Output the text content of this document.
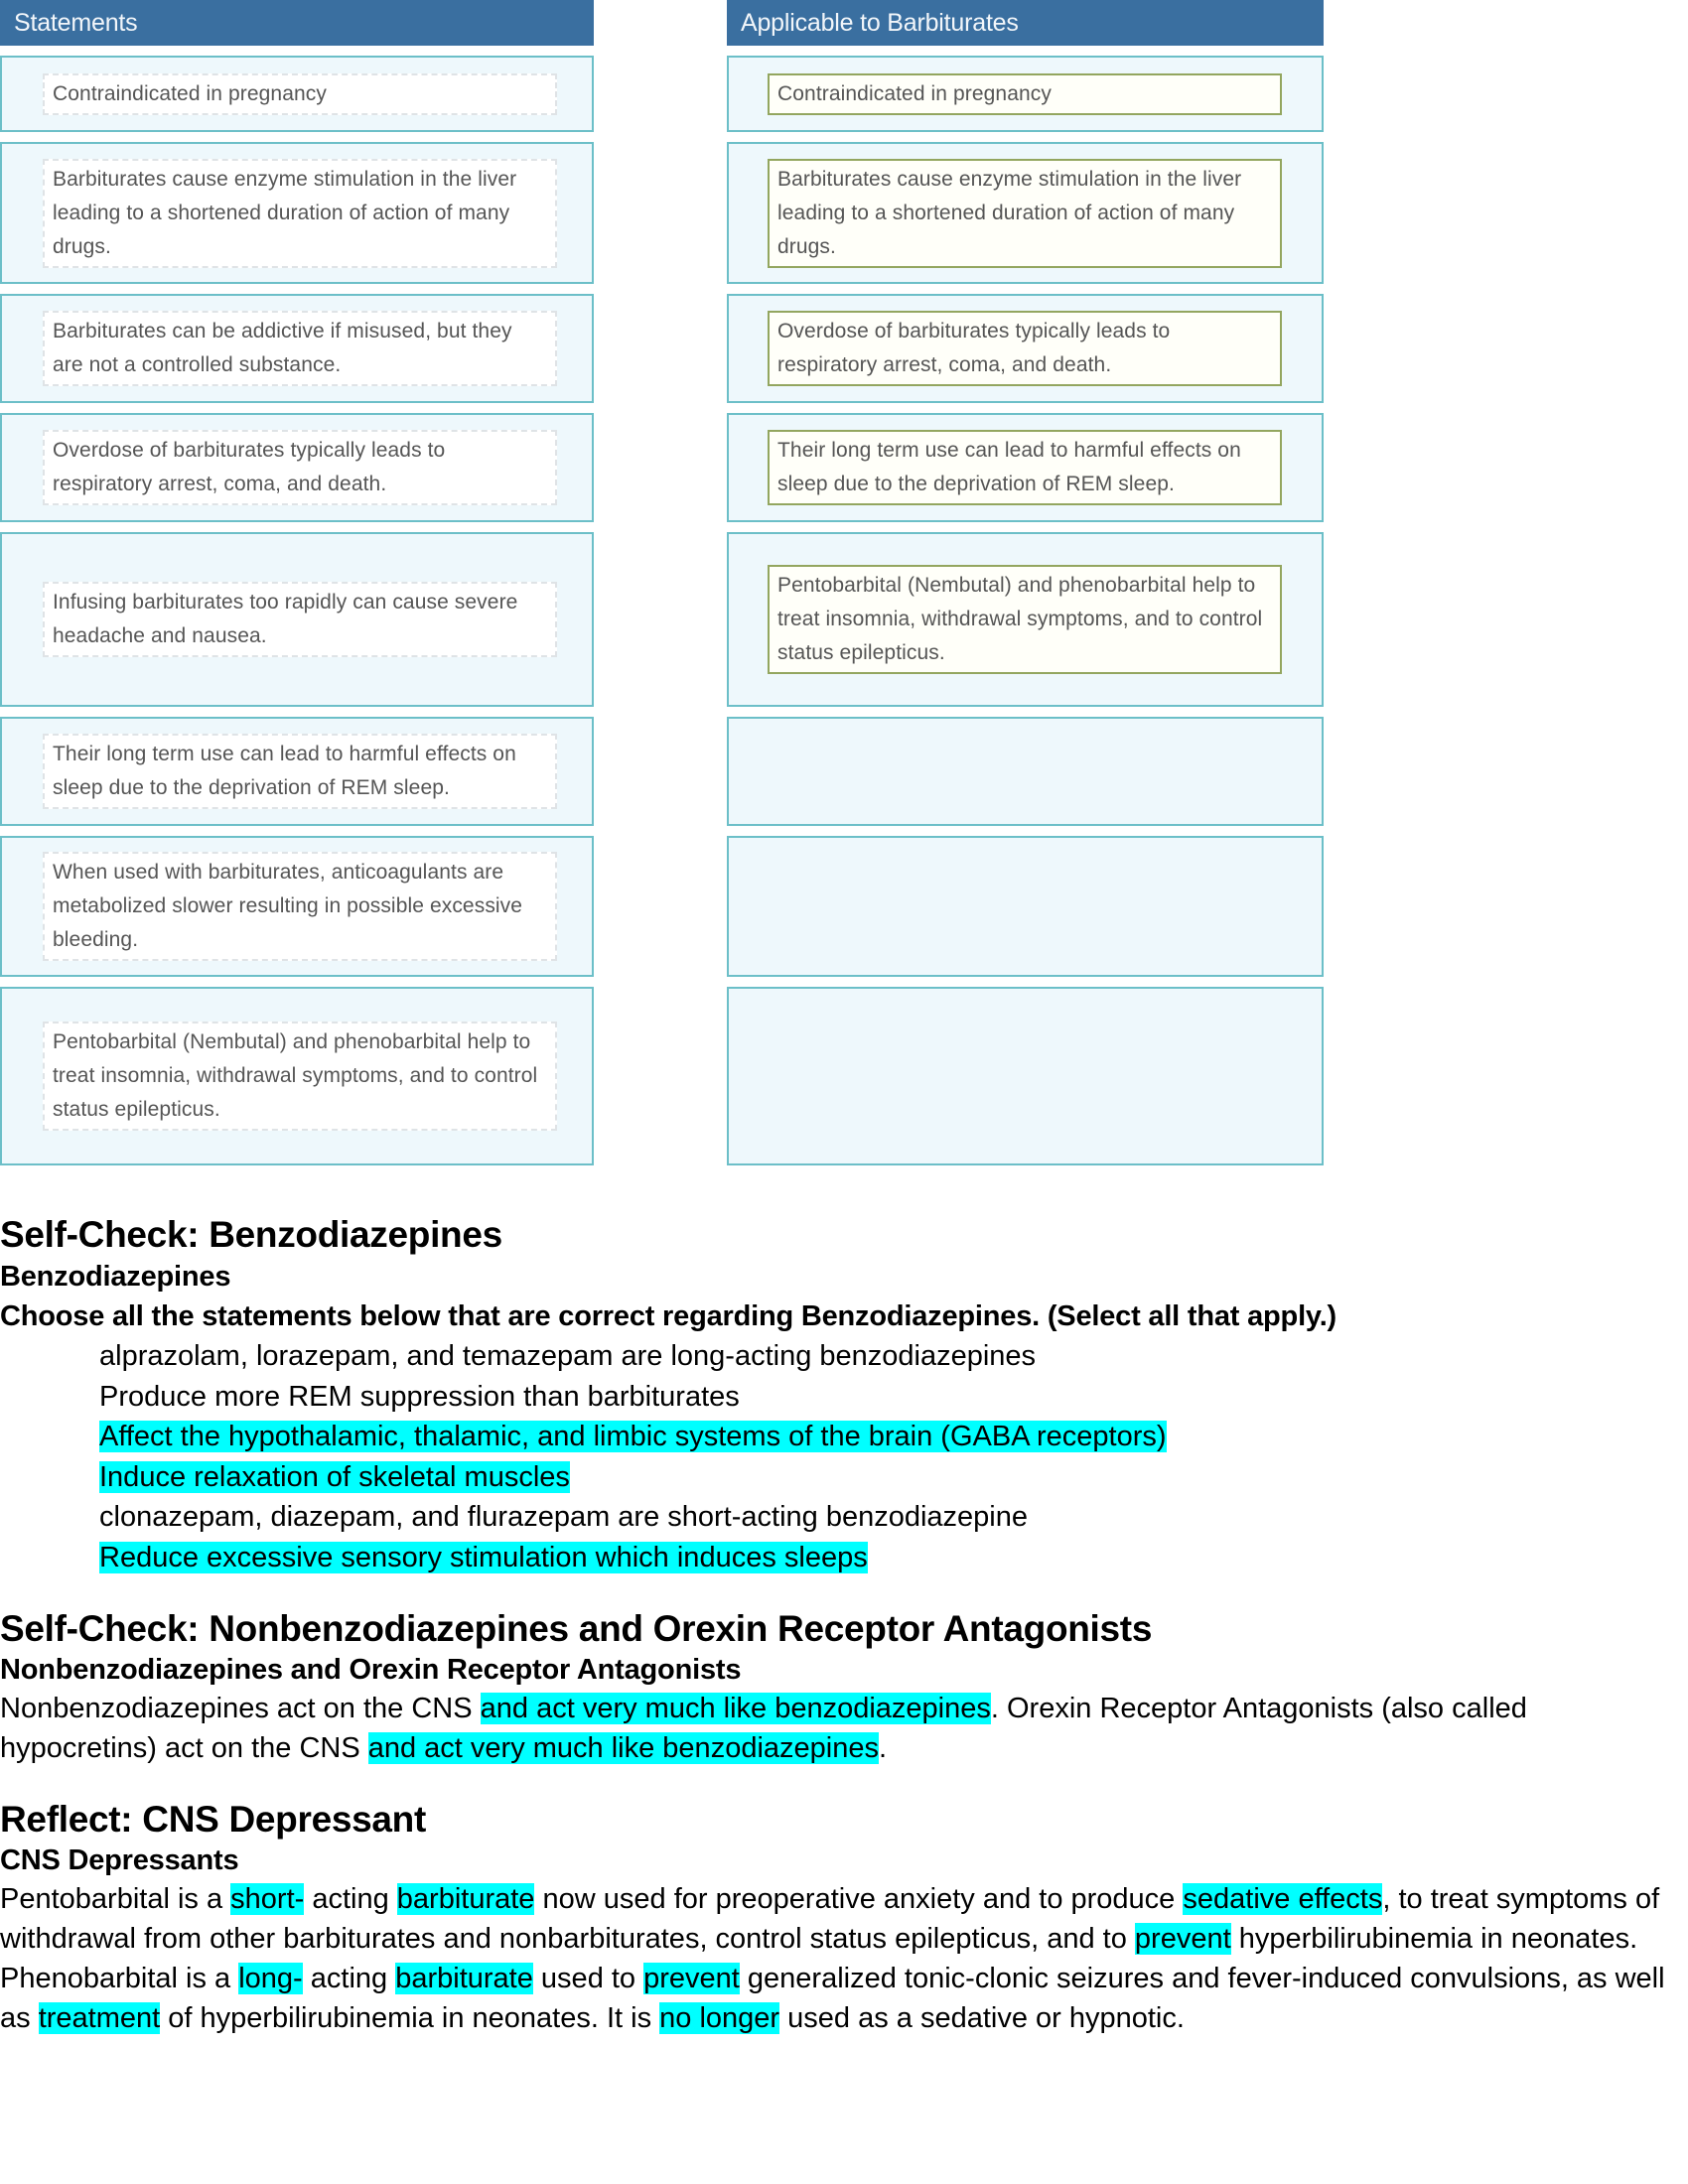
Statements
Contraindicated in pregnancy
Barbiturates cause enzyme stimulation in the liver leading to a shortened duration of action of many drugs.
Barbiturates can be addictive if misused, but they are not a controlled substance.
Overdose of barbiturates typically leads to respiratory arrest, coma, and death.
Infusing barbiturates too rapidly can cause severe headache and nausea.
Their long term use can lead to harmful effects on sleep due to the deprivation of REM sleep.
When used with barbiturates, anticoagulants are metabolized slower resulting in possible excessive bleeding.
Pentobarbital (Nembutal) and phenobarbital help to treat insomnia, withdrawal symptoms, and to control status epilepticus.
Applicable to Barbiturates
Contraindicated in pregnancy
Barbiturates cause enzyme stimulation in the liver leading to a shortened duration of action of many drugs.
Overdose of barbiturates typically leads to respiratory arrest, coma, and death.
Their long term use can lead to harmful effects on sleep due to the deprivation of REM sleep.
Pentobarbital (Nembutal) and phenobarbital help to treat insomnia, withdrawal symptoms, and to control status epilepticus.
Self-Check: Benzodiazepines
Benzodiazepines
Choose all the statements below that are correct regarding Benzodiazepines. (Select all that apply.)
alprazolam, lorazepam, and temazepam are long-acting benzodiazepines
Produce more REM suppression than barbiturates
Affect the hypothalamic, thalamic, and limbic systems of the brain (GABA receptors)
Induce relaxation of skeletal muscles
clonazepam, diazepam, and flurazepam are short-acting benzodiazepine
Reduce excessive sensory stimulation which induces sleeps
Self-Check: Nonbenzodiazepines and Orexin Receptor Antagonists
Nonbenzodiazepines and Orexin Receptor Antagonists

Nonbenzodiazepines act on the CNS and act very much like benzodiazepines. Orexin Receptor Antagonists (also called hypocretins) act on the CNS and act very much like benzodiazepines.

Reflect: CNS Depressant
CNS Depressants

Pentobarbital is a short- acting barbiturate now used for preoperative anxiety and to produce sedative effects, to treat symptoms of withdrawal from other barbiturates and nonbarbiturates, control status epilepticus, and to prevent hyperbilirubinemia in neonates.

Phenobarbital is a long- acting barbiturate used to prevent generalized tonic-clonic seizures and fever-induced convulsions, as well as treatment of hyperbilirubinemia in neonates. It is no longer used as a sedative or hypnotic.
